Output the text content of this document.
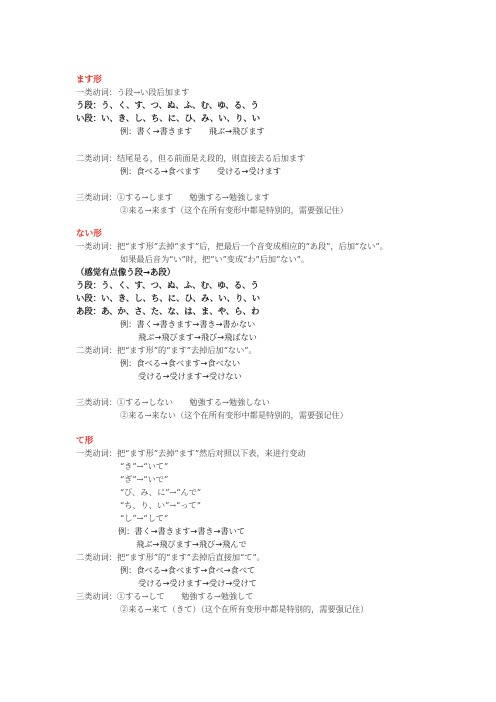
ます形
一类动词：う段→い段后加ます
う段：う、く、す、つ、ぬ、ふ、む、ゆ、る、う
い段：い、き、し、ち、に、ひ、み、い、り、い
例：書く→書きます　　飛ぶ→飛びます
二类动词：结尾是る，但る前面是え段的，则直接去る后加ます
例：食べる→食べます　　受ける→受けます
三类动词：①する→します　　勉強する→勉強します
②来る→来ます（这个在所有变形中都是特别的，需要强记住）
ない形
一类动词：把“ます形”去掉“ます”后，把最后一个音变成相应的“あ段”，后加“ない”。
如果最后音为“い”时，把“い”变成“わ”后加“ない”。
（感觉有点像う段→あ段）
う段：う、く、す、つ、ぬ、ふ、む、ゆ、る、う
い段：い、き、し、ち、に、ひ、み、い、り、い
あ段：あ、か、さ、た、な、は、ま、や、ら、わ
例：書く→書きます→書き→書かない
飛ぶ→飛びます→飛び→飛ばない
二类动词：把“ます形”的“ます”去掉后加“ない”。
例：食べる→食べます→食べない
受ける→受けます→受けない
三类动词：①する→しない　　勉強する→勉強しない
②来る→来ない（这个在所有变形中都是特别的，需要强记住）
て形
一类动词：把“ます形”去掉“ます”然后对照以下表，来进行变动
“き”→“いて”
“ぎ”→“いで”
“び、み、に”→“んで”
“ち、り、い”→“って”
“し”→“して”
例：書く→書きます→書き→書いて
飛ぶ→飛びます→飛び→飛んで
二类动词：把“ます形”的“ます”去掉后直接加“て”。
例：食べる→食べます→食べ→食べて
受ける→受けます→受け→受けて
三类动词：①する→して　　勉強する→勉強して
②来る→来て（きて）（这个在所有变形中都是特别的，需要强记住）
